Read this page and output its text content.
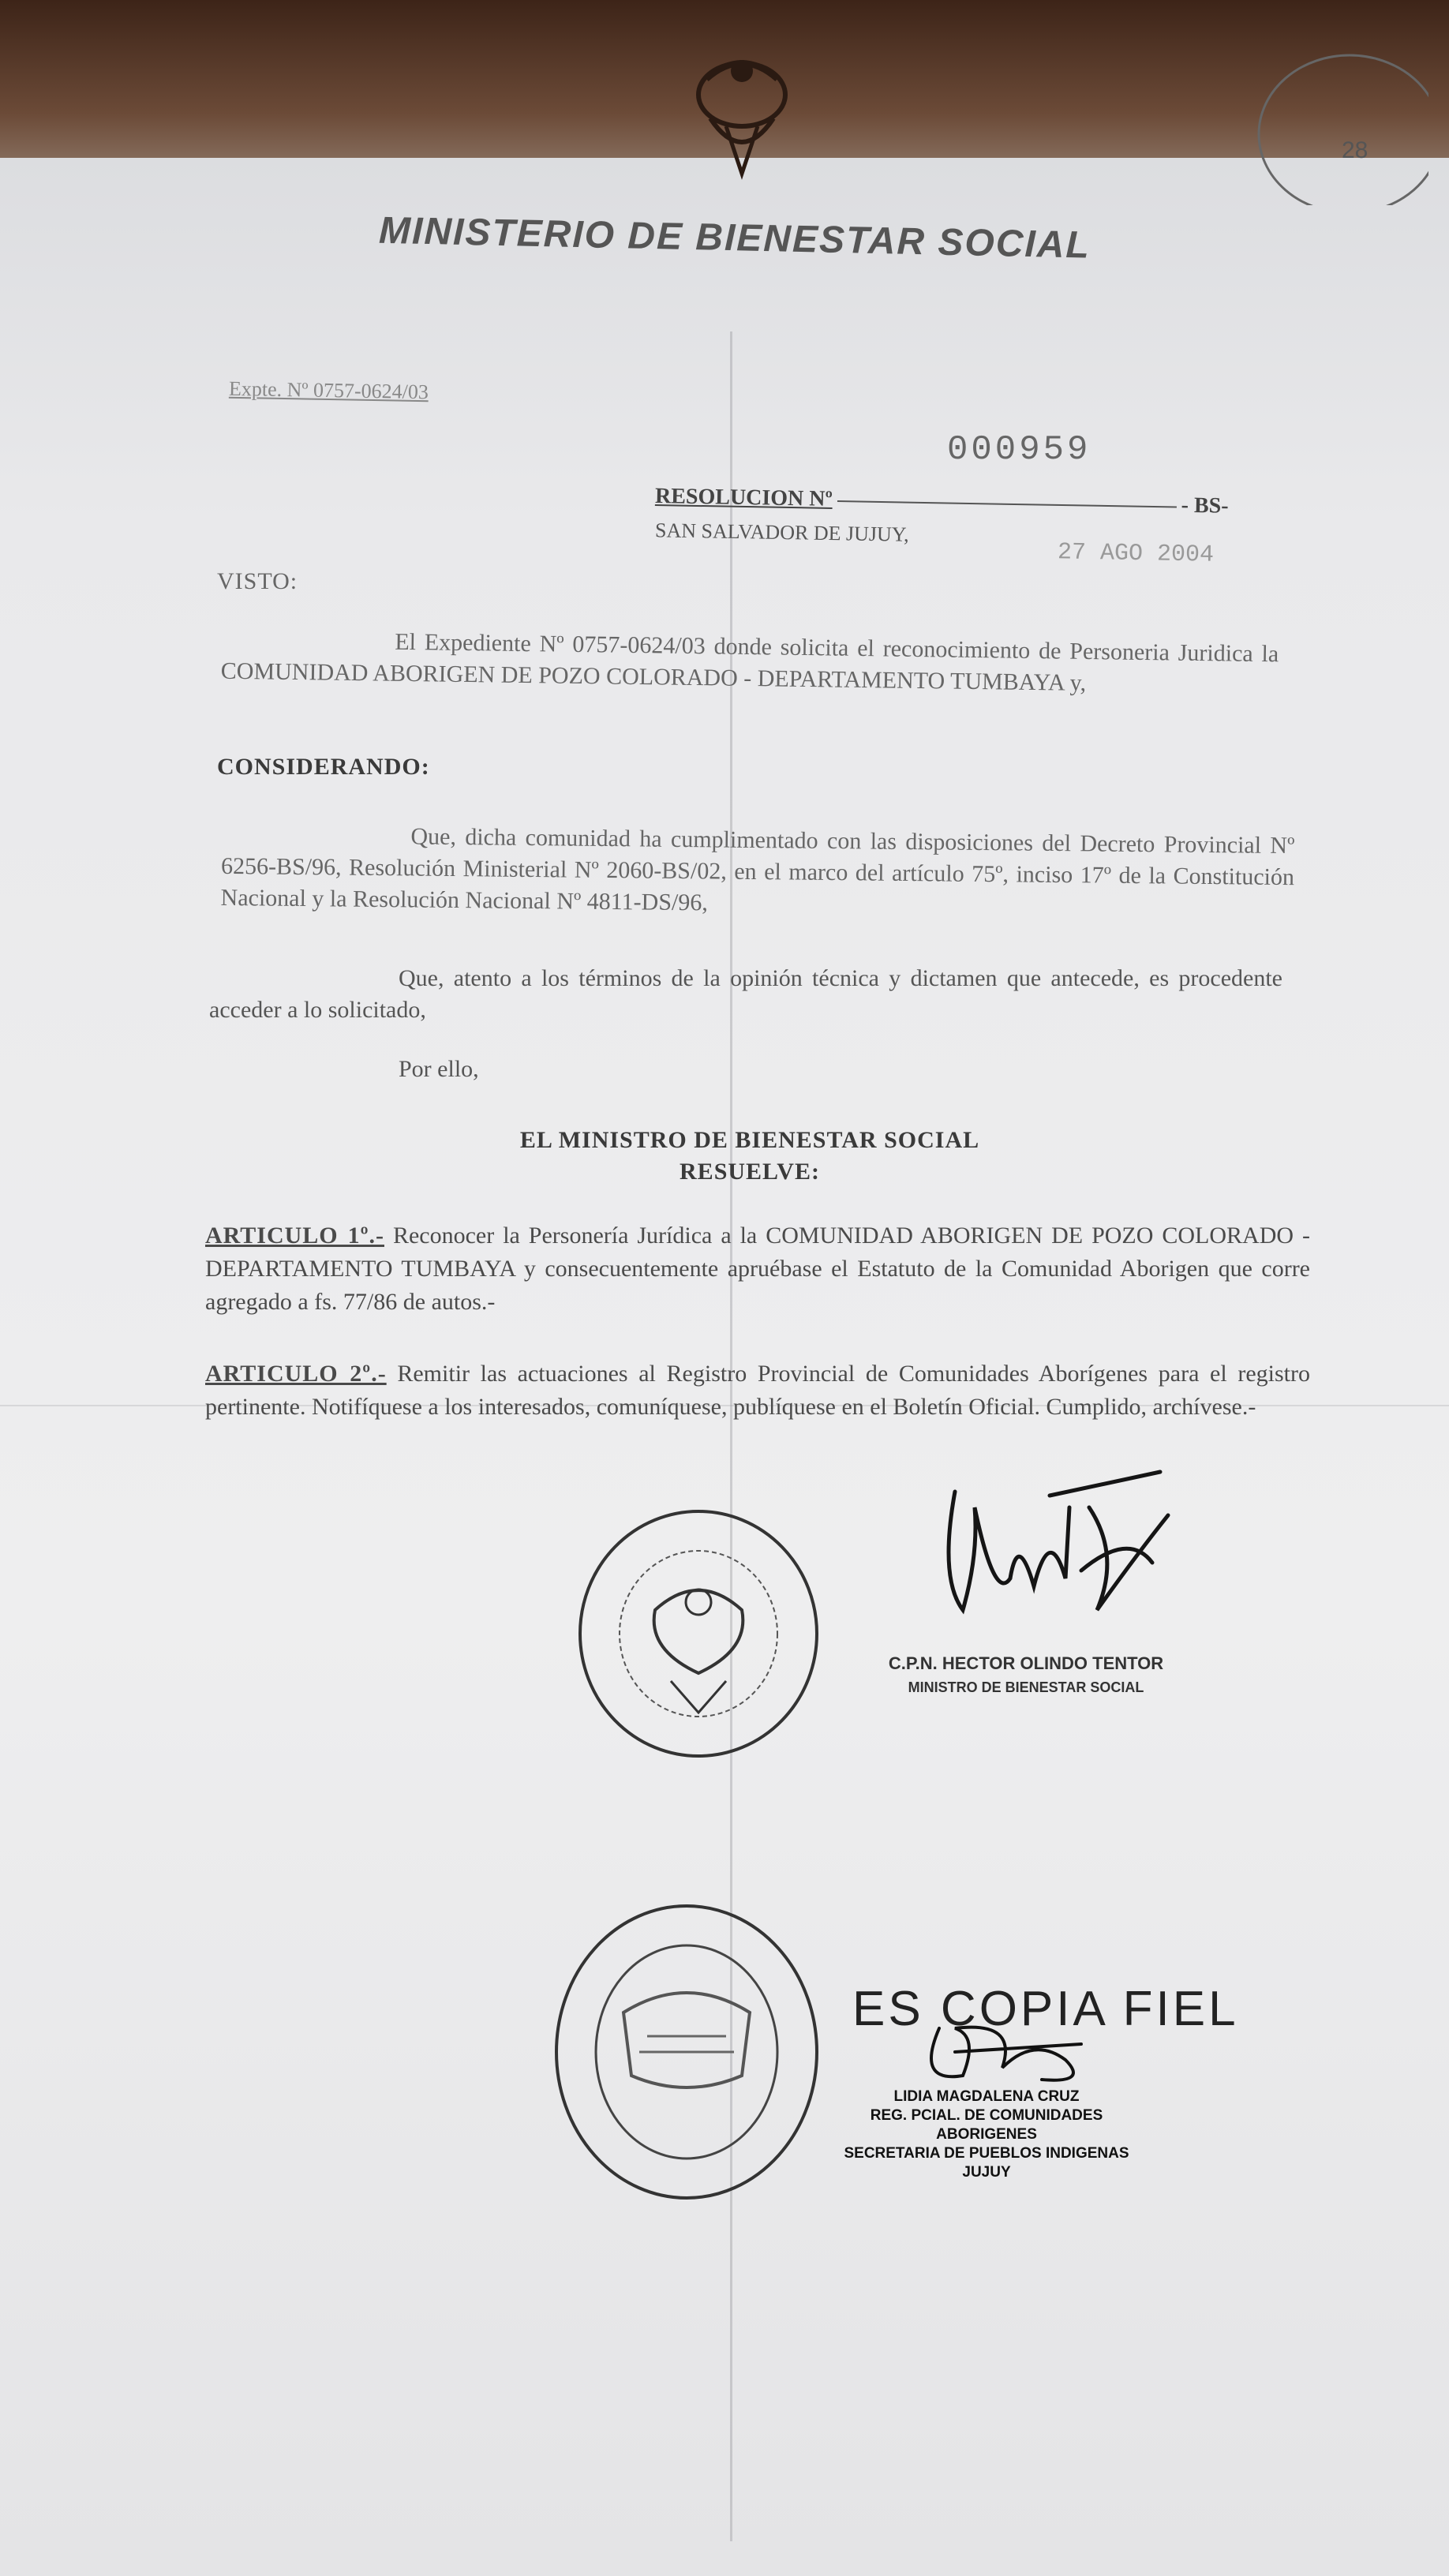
28
MINISTERIO DE BIENESTAR SOCIAL
Expte. Nº 0757-0624/03
000959
RESOLUCION Nº	- BS-
SAN SALVADOR DE JUJUY,
27 AGO 2004
VISTO:
El Expediente Nº 0757-0624/03 donde solicita el reconocimiento de Personeria Juridica la COMUNIDAD ABORIGEN DE POZO COLORADO - DEPARTAMENTO TUMBAYA y,
CONSIDERANDO:
Que, dicha comunidad ha cumplimentado con las disposiciones del Decreto Provincial Nº 6256-BS/96, Resolución Ministerial Nº 2060-BS/02, en el marco del artículo 75º, inciso 17º de la Constitución Nacional y la Resolución Nacional Nº 4811-DS/96,
Que, atento a los términos de la opinión técnica y dictamen que antecede, es procedente acceder a lo solicitado,
Por ello,
EL MINISTRO DE BIENESTAR SOCIAL
RESUELVE:
ARTICULO 1º.- Reconocer la Personería Jurídica a la COMUNIDAD ABORIGEN DE POZO COLORADO - DEPARTAMENTO TUMBAYA y consecuentemente apruébase el Estatuto de la Comunidad Aborigen que corre agregado a fs. 77/86 de autos.-
ARTICULO 2º.- Remitir las actuaciones al Registro Provincial de Comunidades Aborígenes para el registro pertinente. Notifíquese a los interesados, comuníquese, publíquese en el Boletín Oficial. Cumplido, archívese.-
C.P.N. HECTOR OLINDO TENTOR
MINISTRO DE BIENESTAR SOCIAL
ES COPIA FIEL
LIDIA MAGDALENA CRUZ
REG. PCIAL. DE COMUNIDADES ABORIGENES
SECRETARIA DE PUEBLOS INDIGENAS
JUJUY
